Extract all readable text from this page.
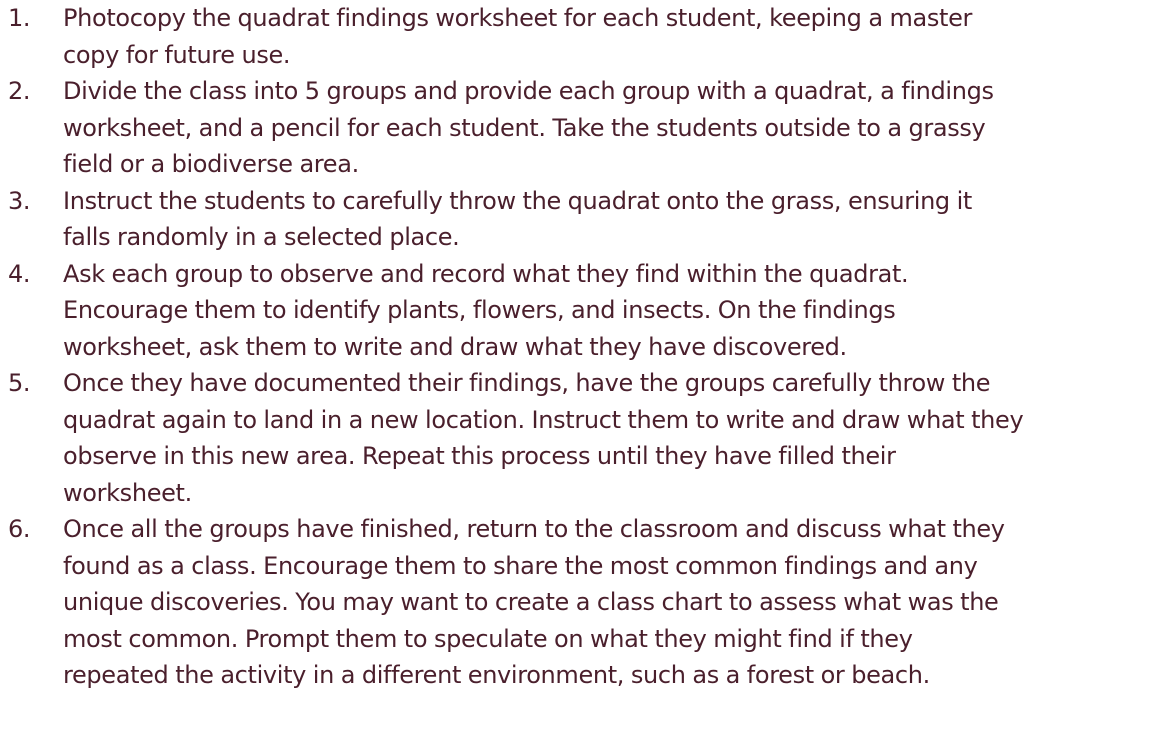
1.	Photocopy the quadrat findings worksheet for each student, keeping a master
copy for future use.
2.	Divide the class into 5 groups and provide each group with a quadrat, a findings
worksheet, and a pencil for each student. Take the students outside to a grassy
field or a biodiverse area.
3.	Instruct the students to carefully throw the quadrat onto the grass, ensuring it
falls randomly in a selected place.
4.	Ask each group to observe and record what they find within the quadrat.
Encourage them to identify plants, flowers, and insects. On the findings
worksheet, ask them to write and draw what they have discovered.
5.	Once they have documented their findings, have the groups carefully throw the
quadrat again to land in a new location. Instruct them to write and draw what they
observe in this new area. Repeat this process until they have filled their
worksheet.
6.	Once all the groups have finished, return to the classroom and discuss what they
found as a class. Encourage them to share the most common findings and any
unique discoveries. You may want to create a class chart to assess what was the
most common. Prompt them to speculate on what they might find if they
repeated the activity in a different environment, such as a forest or beach.
